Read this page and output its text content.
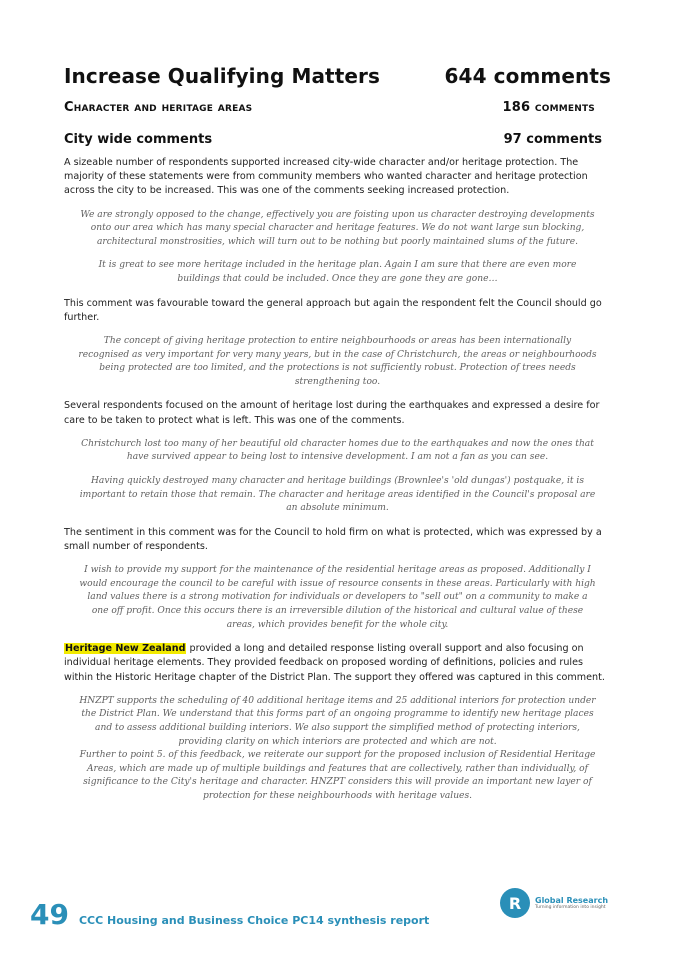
Increase Qualifying Matters	644 comments
Character and heritage areas	186 comments
City wide comments	97 comments

A sizeable number of respondents supported increased city-wide character and/or heritage protection. The majority of these statements were from community members who wanted character and heritage protection across the city to be increased. This was one of the comments seeking increased protection.

We are strongly opposed to the change, effectively you are foisting upon us character destroying developments onto our area which has many special character and heritage features. We do not want large sun blocking, architectural monstrosities, which will turn out to be nothing but poorly maintained slums of the future.
It is great to see more heritage included in the heritage plan. Again I am sure that there are even more buildings that could be included. Once they are gone they are gone…

This comment was favourable toward the general approach but again the respondent felt the Council should go further.

The concept of giving heritage protection to entire neighbourhoods or areas has been internationally recognised as very important for very many years, but in the case of Christchurch, the areas or neighbourhoods being protected are too limited, and the protections is not sufficiently robust. Protection of trees needs strengthening too.

Several respondents focused on the amount of heritage lost during the earthquakes and expressed a desire for care to be taken to protect what is left. This was one of the comments.

Christchurch lost too many of her beautiful old character homes due to the earthquakes and now the ones that have survived appear to being lost to intensive development. I am not a fan as you can see.
Having quickly destroyed many character and heritage buildings (Brownlee's 'old dungas') postquake, it is important to retain those that remain. The character and heritage areas identified in the Council's proposal are an absolute minimum.

The sentiment in this comment was for the Council to hold firm on what is protected, which was expressed by a small number of respondents.

I wish to provide my support for the maintenance of the residential heritage areas as proposed. Additionally I would encourage the council to be careful with issue of resource consents in these areas. Particularly with high land values there is a strong motivation for individuals or developers to "sell out" on a community to make a one off profit. Once this occurs there is an irreversible dilution of the historical and cultural value of these areas, which provides benefit for the whole city.

Heritage New Zealand provided a long and detailed response listing overall support and also focusing on individual heritage elements. They provided feedback on proposed wording of definitions, policies and rules within the Historic Heritage chapter of the District Plan. The support they offered was captured in this comment.

HNZPT supports the scheduling of 40 additional heritage items and 25 additional interiors for protection under the District Plan. We understand that this forms part of an ongoing programme to identify new heritage places and to assess additional building interiors. We also support the simplified method of protecting interiors, providing clarity on which interiors are protected and which are not.
Further to point 5. of this feedback, we reiterate our support for the proposed inclusion of Residential Heritage Areas, which are made up of multiple buildings and features that are collectively, rather than individually, of significance to the City's heritage and character. HNZPT considers this will provide an important new layer of protection for these neighbourhoods with heritage values.
R	Global Research
Turning information into insight
49 CCC Housing and Business Choice PC14 synthesis report
